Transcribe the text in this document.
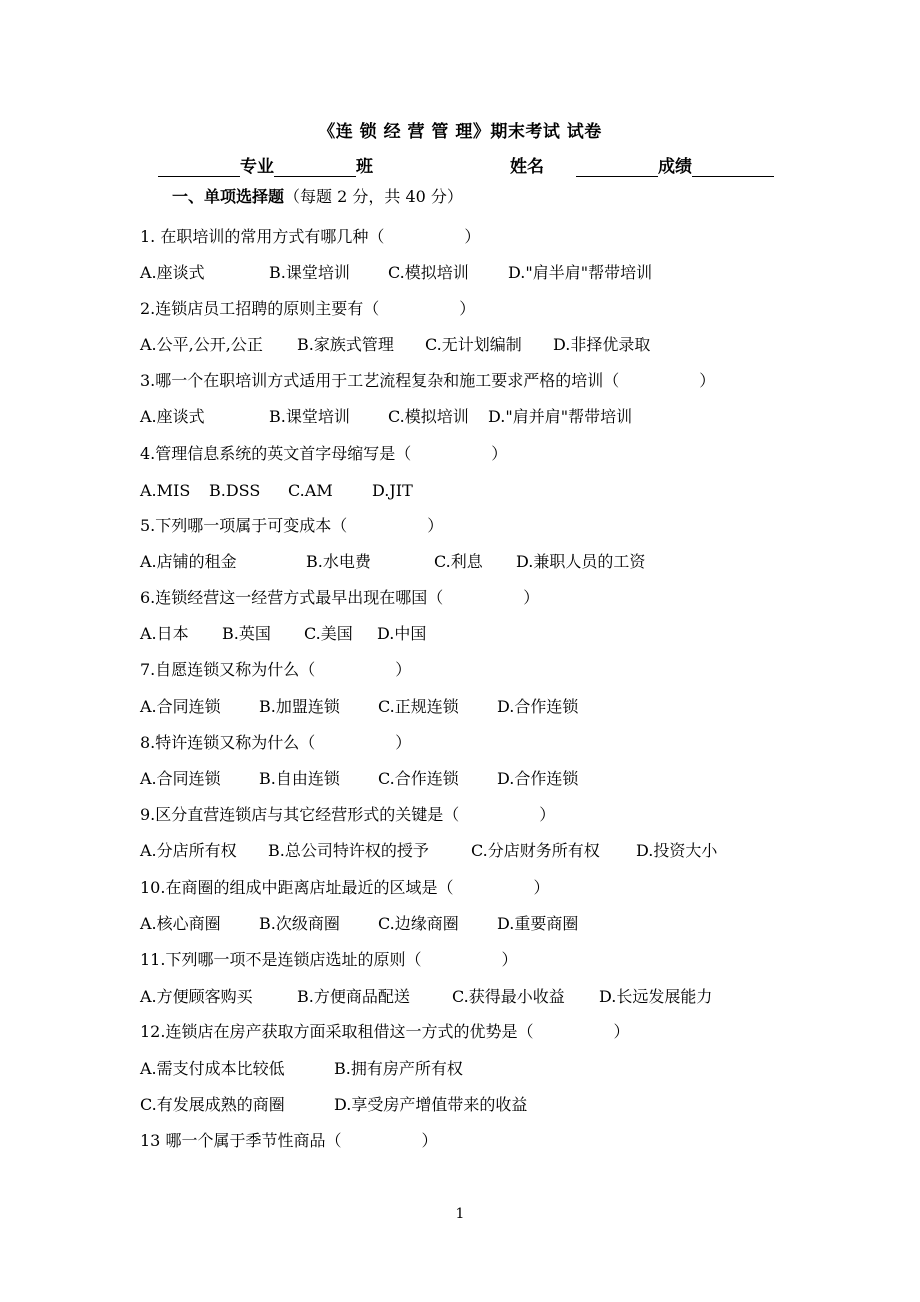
《连 锁 经 营 管 理》期末考试 试卷
专业	班	姓名	成绩
一、单项选择题（每题 2 分，共 40 分）
1. 在职培训的常用方式有哪几种（	）
A.座谈式	B.课堂培训 C.模拟培训 D."肩半肩"帮带培训
2.连锁店员工招聘的原则主要有（	）
A.公平,公开,公正 B.家族式管理 C.无计划编制 D.非择优录取
3.哪一个在职培训方式适用于工艺流程复杂和施工要求严格的培训（	）
A.座谈式	B.课堂培训 C.模拟培训 D."肩并肩"帮带培训
4.管理信息系统的英文首字母缩写是（	）
A.MIS B.DSS C.AM D.JIT
5.下列哪一项属于可变成本（	）
A.店铺的租金	B.水电费	C.利息 D.兼职人员的工资
6.连锁经营这一经营方式最早出现在哪国（	）
A.日本 B.英国 C.美国 D.中国
7.自愿连锁又称为什么（	）
A.合同连锁 B.加盟连锁 C.正规连锁 D.合作连锁
8.特许连锁又称为什么（	）
A.合同连锁 B.自由连锁 C.合作连锁 D.合作连锁
9.区分直营连锁店与其它经营形式的关键是（	）
A.分店所有权 B.总公司特许权的授予	C.分店财务所有权 D.投资大小
10.在商圈的组成中距离店址最近的区域是（	）
A.核心商圈 B.次级商圈 C.边缘商圈 D.重要商圈
11.下列哪一项不是连锁店选址的原则（	）
A.方便顾客购买	B.方便商品配送	C.获得最小收益 D.长远发展能力
12.连锁店在房产获取方面采取租借这一方式的优势是（	）
A.需支付成本比较低	B.拥有房产所有权
C.有发展成熟的商圈	D.享受房产增值带来的收益
13 哪一个属于季节性商品（	）
1
